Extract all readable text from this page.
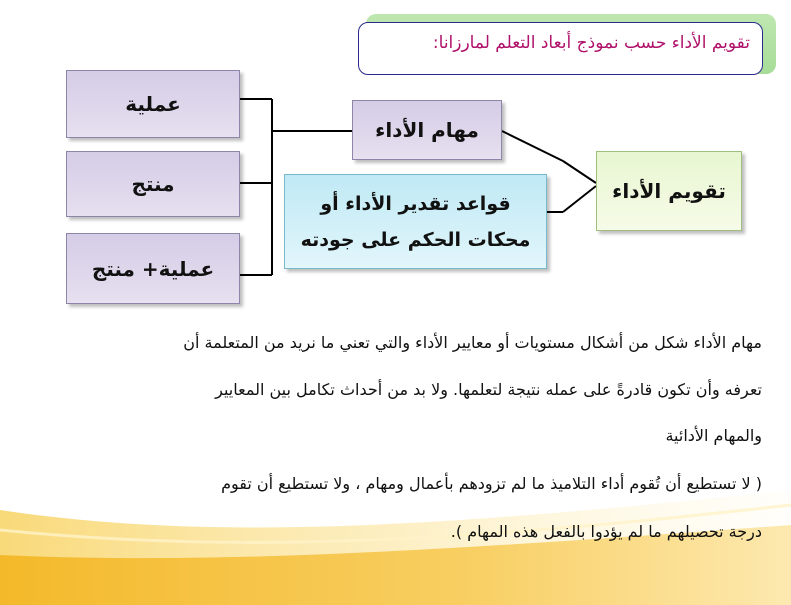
تقويم الأداء حسب نموذج أبعاد التعلم لمارزانا:
عملية
منتج
عملية+ منتج
مهام الأداء
قواعد تقدير الأداء أو
محكات الحكم على جودته
تقويم الأداء
مهام الأداء شكل من أشكال مستويات أو معايير الأداء والتي تعني ما نريد من المتعلمة أن
تعرفه وأن تكون قادرةً على عمله نتيجة لتعلمها. ولا بد من أحداث تكامل بين المعايير
والمهام الأدائية
( لا تستطيع أن تُقوم أداء التلاميذ ما لم تزودهم بأعمال ومهام ، ولا تستطيع أن تقوم
درجة تحصيلهم ما لم يؤدوا بالفعل هذه المهام ).
